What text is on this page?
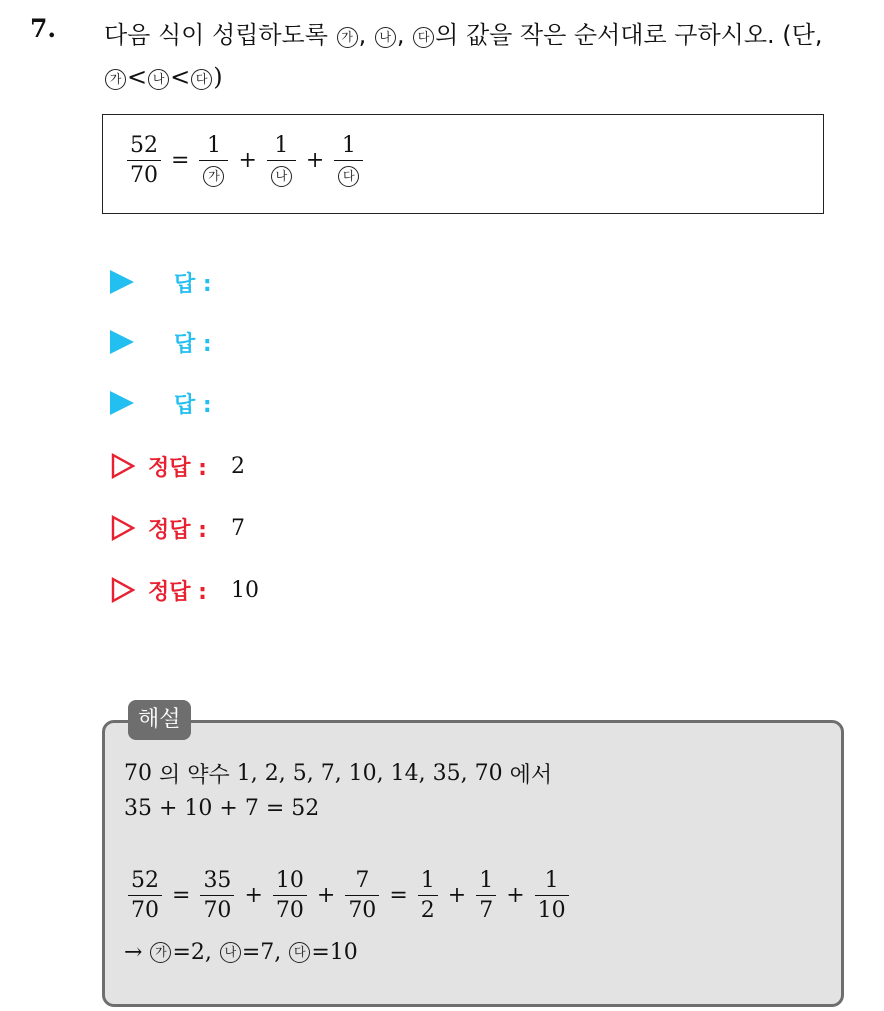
7. 다음 식이 성립하도록 가 , 나 , 다 의 값을 작은 순서대로 구하시오. (단,
가 < 나 < 다 )
$\frac{52}{70} = \frac{1}{\text{가}} + \frac{1}{\text{나}} + \frac{1}{\text{다}}$
답 :
답 :
답 :
정답 : 2
정답 : 7
정답 : 10
해설
70
의 약수
1, 2, 5, 7, 10, 14, 35, 70
에서
35 + 10 + 7 = 52
$\frac{52}{70} = \frac{35}{70} + \frac{10}{70} + \frac{7}{70} = \frac{1}{2} + \frac{1}{7} + \frac{1}{10}$
→
	가 =2,
	나 =7,
	다 =10
